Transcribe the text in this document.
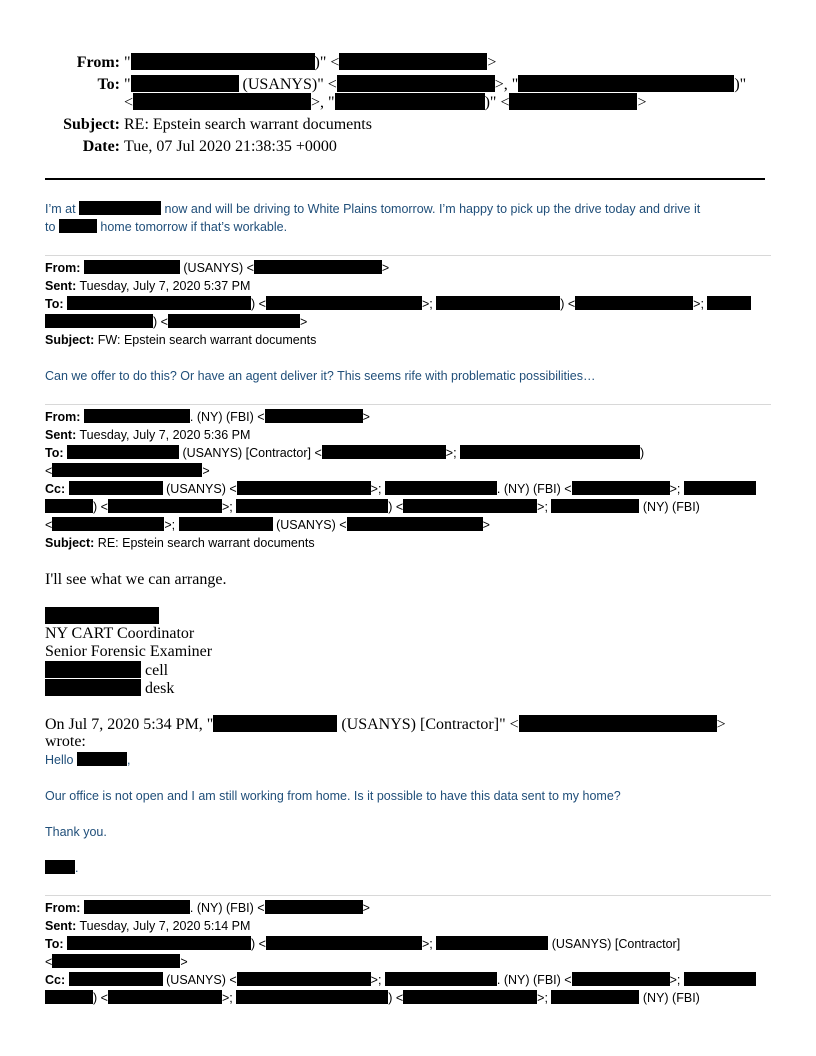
From: "	)" <	>
To: "	(USANYS)" <	>, "	)"
<	>, "	)" <	>
Subject: RE: Epstein search warrant documents
Date: Tue, 07 Jul 2020 21:38:35 +0000
I’m at	now and will be driving to White Plains tomorrow. I’m happy to pick up the drive today and drive it
to	home tomorrow if that’s workable.
From:	(USANYS) <	>
Sent: Tuesday, July 7, 2020 5:37 PM
To:	) <	>;	) <	>;
) <	>
Subject: FW: Epstein search warrant documents
Can we offer to do this? Or have an agent deliver it? This seems rife with problematic possibilities…
From:	. (NY) (FBI) <	>
Sent: Tuesday, July 7, 2020 5:36 PM
To:	(USANYS) [Contractor] <	>;	)
<	>
Cc:	(USANYS) <	>;	. (NY) (FBI) <	>;
) <	>;	) <	>;	(NY) (FBI)
<	>;	(USANYS) <	>
Subject: RE: Epstein search warrant documents
I'll see what we can arrange.
NY CART Coordinator
Senior Forensic Examiner
cell
desk
On Jul 7, 2020 5:34 PM, "	(USANYS) [Contractor]" <	>
wrote:
Hello	,
Our office is not open and I am still working from home. Is it possible to have this data sent to my home?
Thank you.
.
From:	. (NY) (FBI) <	>
Sent: Tuesday, July 7, 2020 5:14 PM
To:	) <	>;	(USANYS) [Contractor]
<	>
Cc:	(USANYS) <	>;	. (NY) (FBI) <	>;
) <	>;	) <	>;	(NY) (FBI)
